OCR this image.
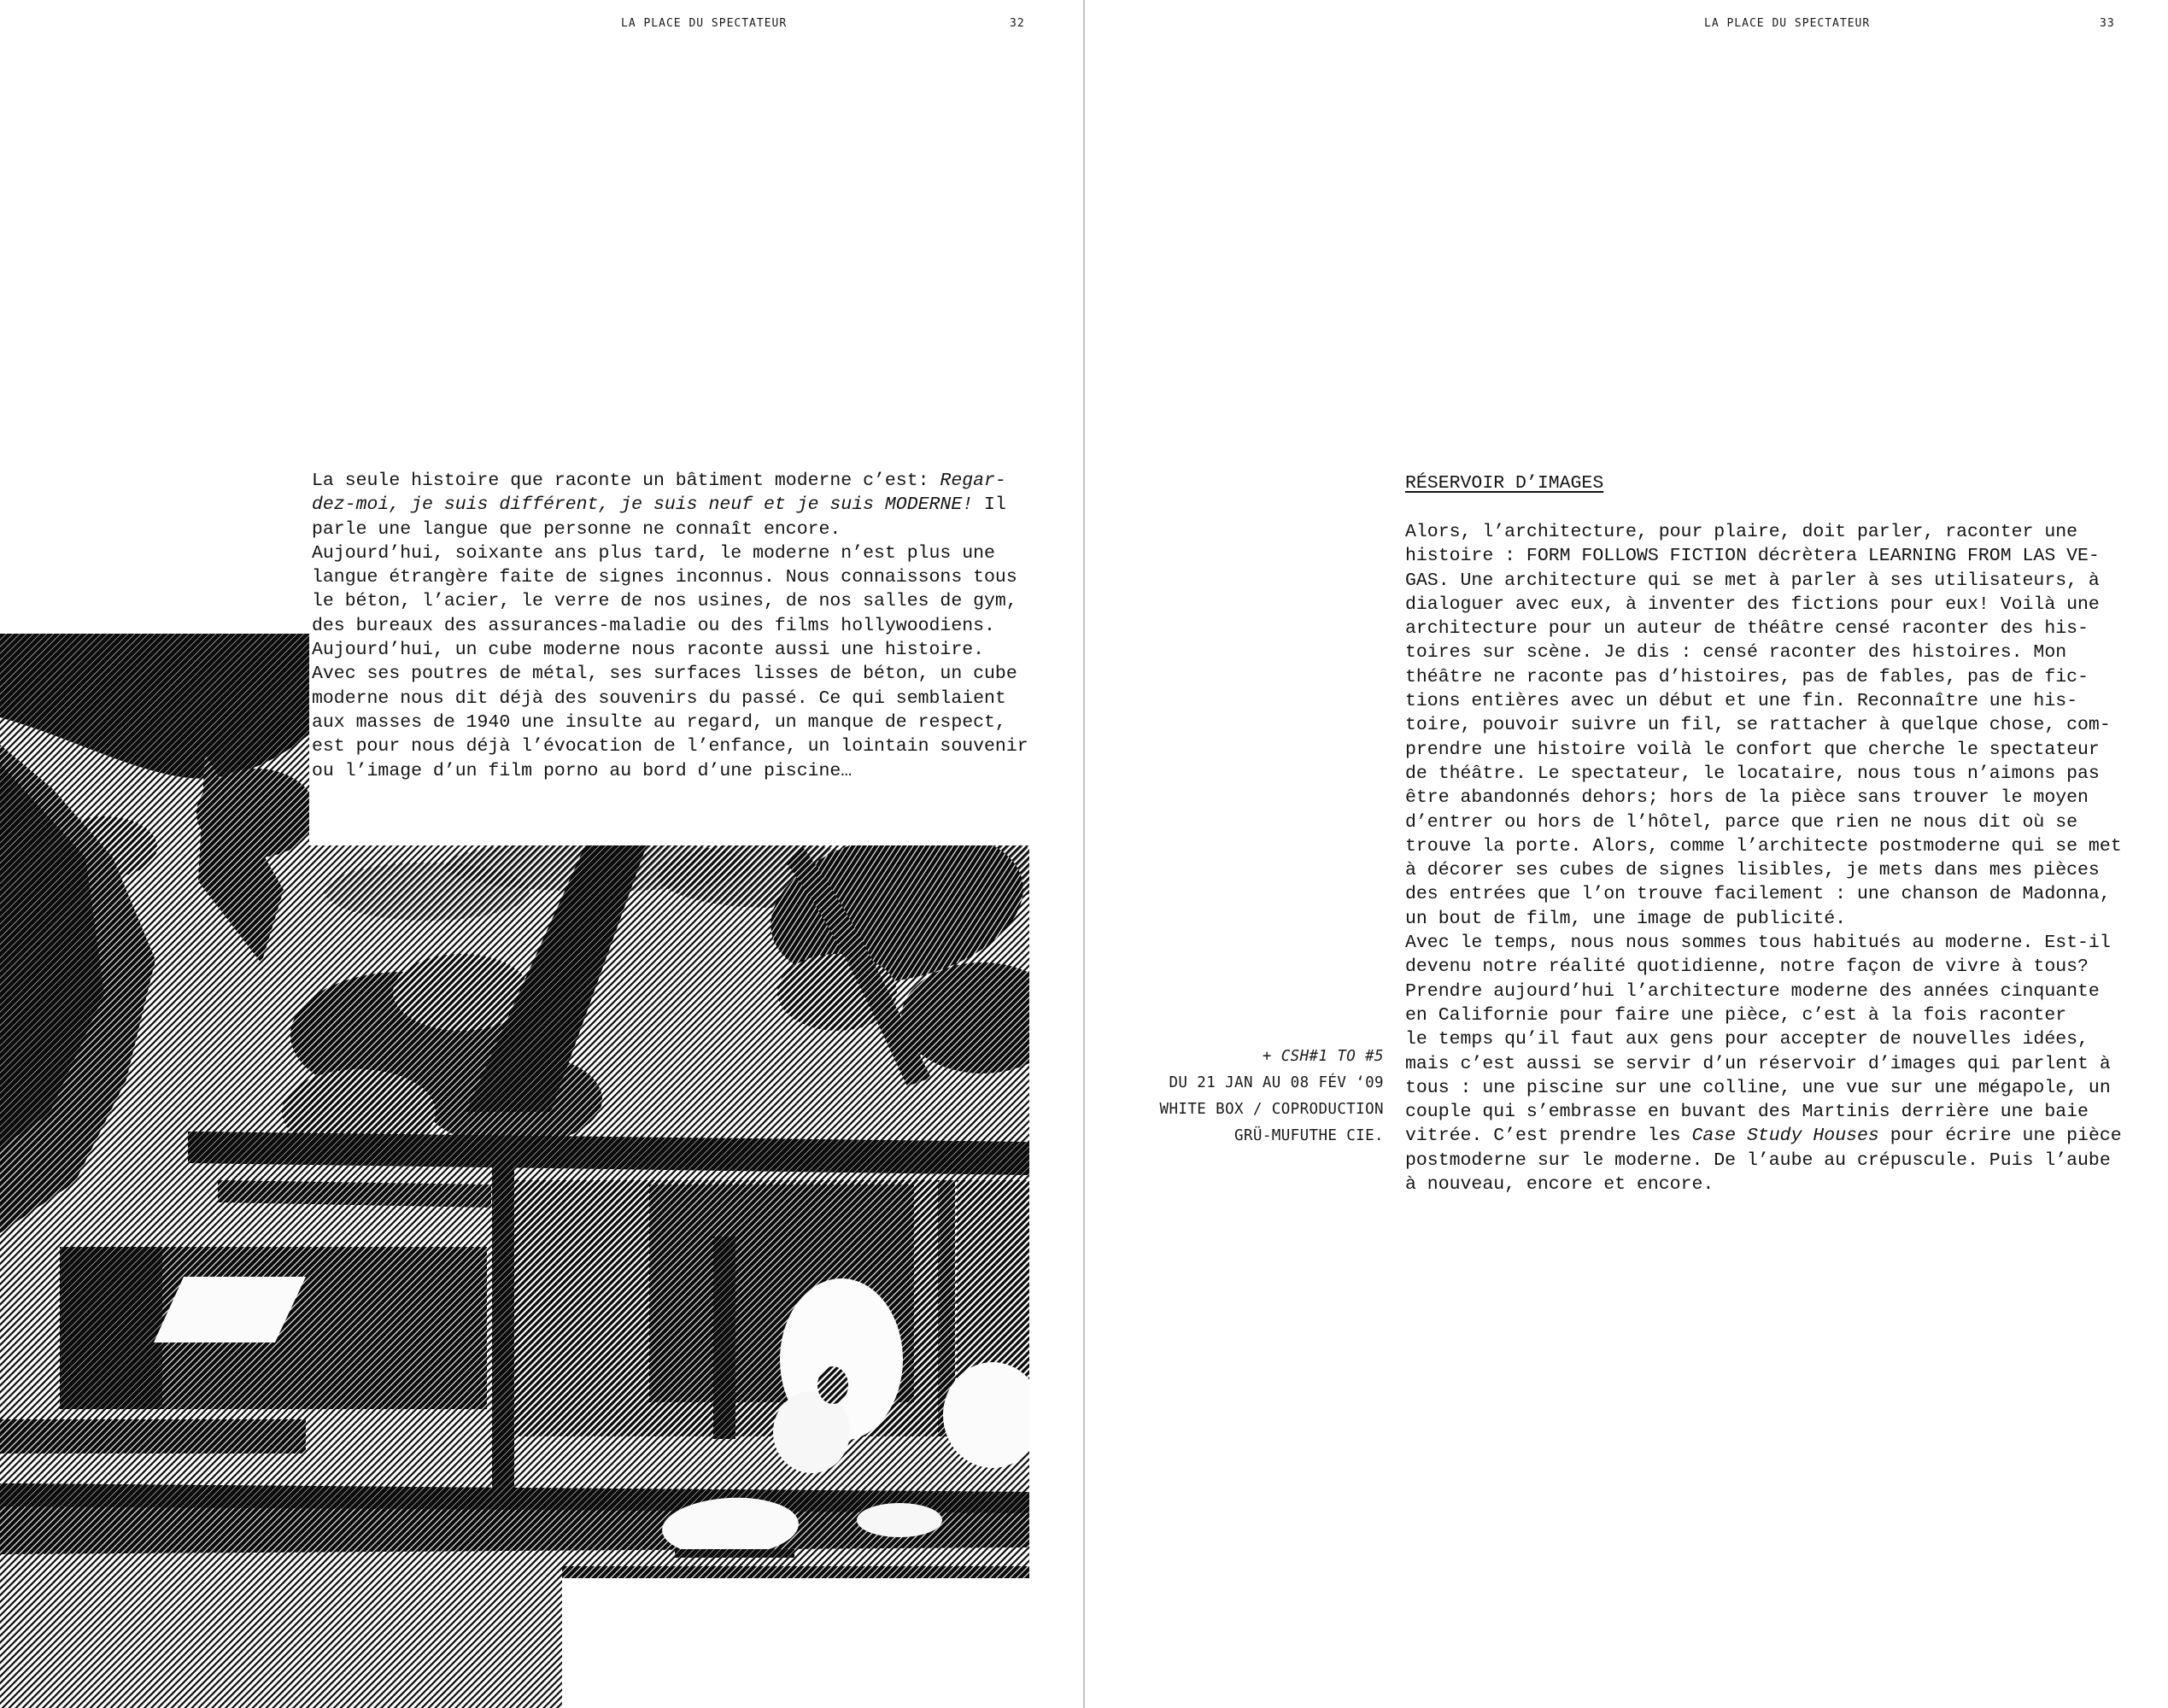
LA PLACE DU SPECTATEUR	32
La seule histoire que raconte un bâtiment moderne c’est: Regar-
dez-moi, je suis différent, je suis neuf et je suis MODERNE! Il
parle une langue que personne ne connaît encore.
Aujourd’hui, soixante ans plus tard, le moderne n’est plus une
langue étrangère faite de signes inconnus. Nous connaissons tous
le béton, l’acier, le verre de nos usines, de nos salles de gym,
des bureaux des assurances-maladie ou des films hollywoodiens.
Aujourd’hui, un cube moderne nous raconte aussi une histoire.
Avec ses poutres de métal, ses surfaces lisses de béton, un cube
moderne nous dit déjà des souvenirs du passé. Ce qui semblaient
aux masses de 1940 une insulte au regard, un manque de respect,
est pour nous déjà l’évocation de l’enfance, un lointain souvenir
ou l’image d’un film porno au bord d’une piscine…
LA PLACE DU SPECTATEUR	33
RÉSERVOIR D’IMAGES
Alors, l’architecture, pour plaire, doit parler, raconter une
histoire : FORM FOLLOWS FICTION décrètera LEARNING FROM LAS VE-
GAS. Une architecture qui se met à parler à ses utilisateurs, à
dialoguer avec eux, à inventer des fictions pour eux! Voilà une
architecture pour un auteur de théâtre censé raconter des his-
toires sur scène. Je dis : censé raconter des histoires. Mon
théâtre ne raconte pas d’histoires, pas de fables, pas de fic-
tions entières avec un début et une fin. Reconnaître une his-
toire, pouvoir suivre un fil, se rattacher à quelque chose, com-
prendre une histoire voilà le confort que cherche le spectateur
de théâtre. Le spectateur, le locataire, nous tous n’aimons pas
être abandonnés dehors; hors de la pièce sans trouver le moyen
d’entrer ou hors de l’hôtel, parce que rien ne nous dit où se
trouve la porte. Alors, comme l’architecte postmoderne qui se met
à décorer ses cubes de signes lisibles, je mets dans mes pièces
des entrées que l’on trouve facilement : une chanson de Madonna,
un bout de film, une image de publicité.
Avec le temps, nous nous sommes tous habitués au moderne. Est-il
devenu notre réalité quotidienne, notre façon de vivre à tous?
Prendre aujourd’hui l’architecture moderne des années cinquante
en Californie pour faire une pièce, c’est à la fois raconter
le temps qu’il faut aux gens pour accepter de nouvelles idées,
mais c’est aussi se servir d’un réservoir d’images qui parlent à
tous : une piscine sur une colline, une vue sur une mégapole, un
couple qui s’embrasse en buvant des Martinis derrière une baie
vitrée. C’est prendre les Case Study Houses pour écrire une pièce
postmoderne sur le moderne. De l’aube au crépuscule. Puis l’aube
à nouveau, encore et encore.
+ CSH#1 TO #5
DU 21 JAN AU 08 FÉV ‘09
WHITE BOX / COPRODUCTION
GRÜ-MUFUTHE CIE.
